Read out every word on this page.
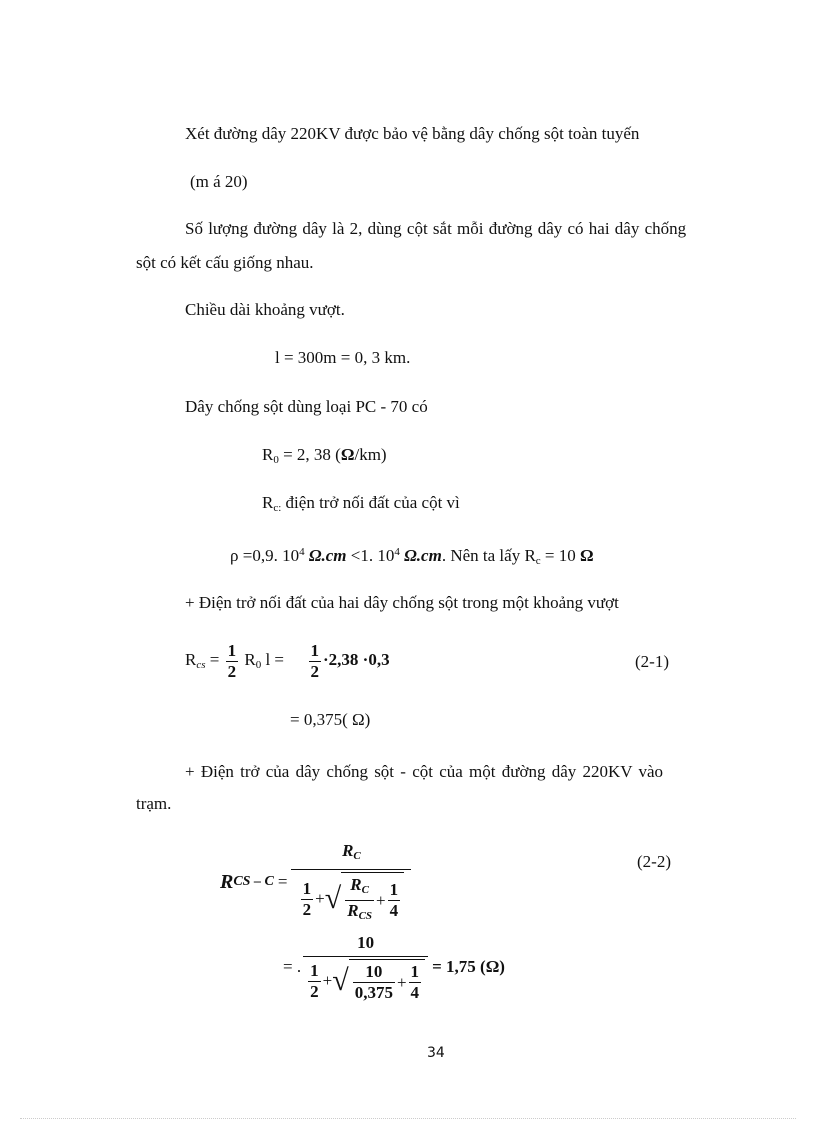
Xét đường dây 220KV được bảo vệ bằng dây chống sột toàn tuyến
(m á 20)
Số lượng đường dây là 2, dùng cột sắt mỗi đường dây có hai dây chống
sột có kết cấu giống nhau.
Chiều dài khoảng vượt.
l = 300m = 0, 3 km.
Dây chống sột dùng loại PC - 70 có
$R_0 = 2$, 38 (Ω/km)
$R_{c:}$ điện trở nối đất của cột vì
ρ =0,9. $10^4$ Ω.cm <1. $10^4$ Ω.cm. Nên ta lấy $R_c = 10$ Ω
+ Điện trở nối đất của hai dây chống sột trong một khoảng vượt
$R_{cs} = \frac{1}{2} R_0$ $l = \frac{1}{2} \cdot 2,38 \cdot 0,3$	(2-1)
= 0,375( Ω)
+ Điện trở của dây chống sột - cột của một đường dây 220KV vào
trạm.
R CS – C =
$R_C$
$\frac{1}{2}$ + √ $\frac{R_C}{R_{CS}} + \frac{1}{4}$
(2-2)
= .
10
$\frac{1}{2}$ + √ $\frac{10}{0,375} + \frac{1}{4} = 1,75$ (Ω)
34
